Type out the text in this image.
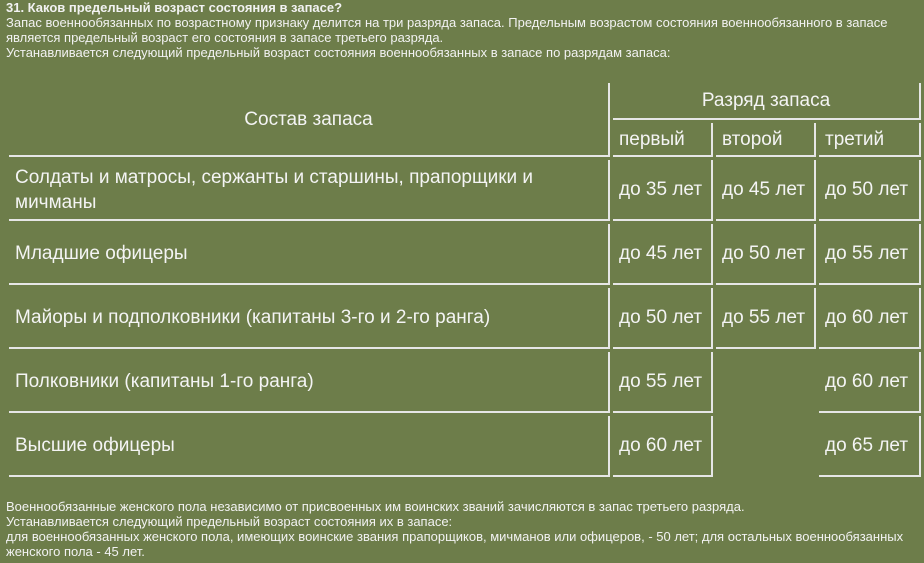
31. Каков предельный возраст состояния в запасе?
Запас военнообязанных по возрастному признаку делится на три разряда запаса. Предельным возрастом состояния военнообязанного в запасе является предельный возраст его состояния в запасе третьего разряда.
Устанавливается следующий предельный возраст состояния военнообязанных в запасе по разрядам запаса:
Состав запаса	Разряд запаса		
	первый	второй	третий
Солдаты и матросы, сержанты и старшины, прапорщики и мичманы	до 35 лет	до 45 лет	до 50 лет
Младшие офицеры	до 45 лет	до 50 лет	до 55 лет
Майоры и подполковники (капитаны 3-го и 2-го ранга)	до 50 лет	до 55 лет	до 60 лет
Полковники (капитаны 1-го ранга)	до 55 лет		до 60 лет
Высшие офицеры	до 60 лет		до 65 лет
Военнообязанные женского пола независимо от присвоенных им воинских званий зачисляются в запас третьего разряда.
Устанавливается следующий предельный возраст состояния их в запасе:
для военнообязанных женского пола, имеющих воинские звания прапорщиков, мичманов или офицеров, - 50 лет; для остальных военнообязанных женского пола - 45 лет.
